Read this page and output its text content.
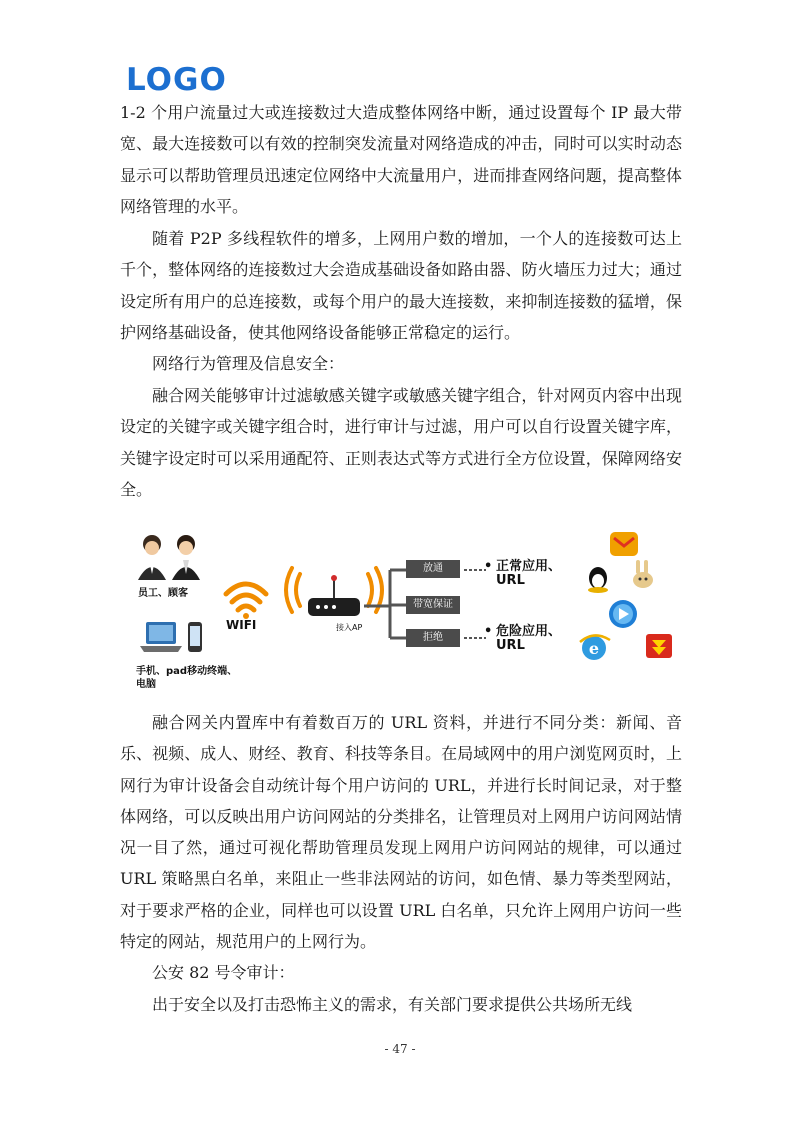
LOGO

1-2 个用户流量过大或连接数过大造成整体网络中断，通过设置每个 IP 最大带宽、最大连接数可以有效的控制突发流量对网络造成的冲击，同时可以实时动态显示可以帮助管理员迅速定位网络中大流量用户，进而排查网络问题，提高整体网络管理的水平。

随着 P2P 多线程软件的增多，上网用户数的增加，一个人的连接数可达上千个，整体网络的连接数过大会造成基础设备如路由器、防火墙压力过大；通过设定所有用户的总连接数，或每个用户的最大连接数，来抑制连接数的猛增，保护网络基础设备，使其他网络设备能够正常稳定的运行。

网络行为管理及信息安全：

融合网关能够审计过滤敏感关键字或敏感关键字组合，针对网页内容中出现设定的关键字或关键字组合时，进行审计与过滤，用户可以自行设置关键字库，关键字设定时可以采用通配符、正则表达式等方式进行全方位设置，保障网络安全。

e
员工、顾客
手机、pad移动终端、
电脑
WIFI	接入AP
放通
带宽保证
拒绝
• 正常应用、
URL
• 危险应用、
URL

融合网关内置库中有着数百万的 URL 资料，并进行不同分类：新闻、音乐、视频、成人、财经、教育、科技等条目。在局域网中的用户浏览网页时，上网行为审计设备会自动统计每个用户访问的 URL，并进行长时间记录，对于整体网络，可以反映出用户访问网站的分类排名，让管理员对上网用户访问网站情况一目了然，通过可视化帮助管理员发现上网用户访问网站的规律，可以通过 URL 策略黑白名单，来阻止一些非法网站的访问，如色情、暴力等类型网站，对于要求严格的企业，同样也可以设置 URL 白名单，只允许上网用户访问一些特定的网站，规范用户的上网行为。

公安 82 号令审计：

出于安全以及打击恐怖主义的需求，有关部门要求提供公共场所无线

- 47 -
